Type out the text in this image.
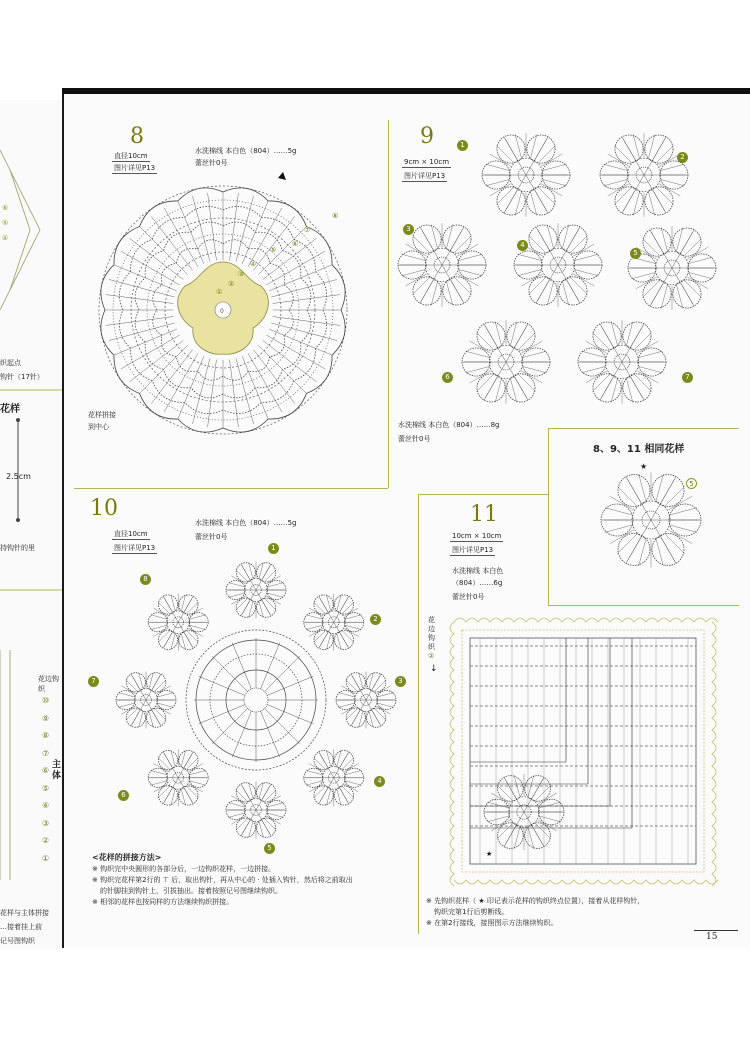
⑥
⑤
④
织起点
钩针（17针）
花样
2.5cm
持钩针的里
花边钩织
主体
花样与主体拼接
…接着挂上前
记号图钩织
⑩
⑨
⑧
⑦
⑥
⑤
④
③
②
①
8
直径10cm
图片详见P13
水洗棉线 本白色（804）……5g
蕾丝针0号
花样拼接
到中心
0
⑧
⑦
⑥
⑤
④
③
②
①
9
9cm × 10cm
图片详见P13
水洗棉线 本白色（804）……8g
蕾丝针0号
1
2
3
4
5
6	7
8、9、11 相同花样
5
★
10
直径10cm
图片详见P13
水洗棉线 本白色（804）……5g
蕾丝针0号
1
2
3
4
5
6
7
8
<花样的拼接方法>
※ 钩织完中央圆形的各部分后，一边钩织花样，一边拼接。
※ 钩织完花样第2行的 ⊤ 后，取出钩针，再从中心的 · 处插入钩针，然后将之前取出
的针脚挂到钩针上，引拔抽出。接着按照记号图继续钩织。
※ 相邻的花样也按同样的方法继续钩织拼接。
11
10cm × 10cm
图片详见P13
水洗棉线 本白色
（804）……6g
蕾丝针0号
花
边
钩
织
②
↓
★
※ 先钩织花样（ ★ 印记表示花样的钩织终点位置），接着从花样钩针，
钩织完第1行后剪断线。
※ 在第2行接线，接照图示方法继续钩织。
15
